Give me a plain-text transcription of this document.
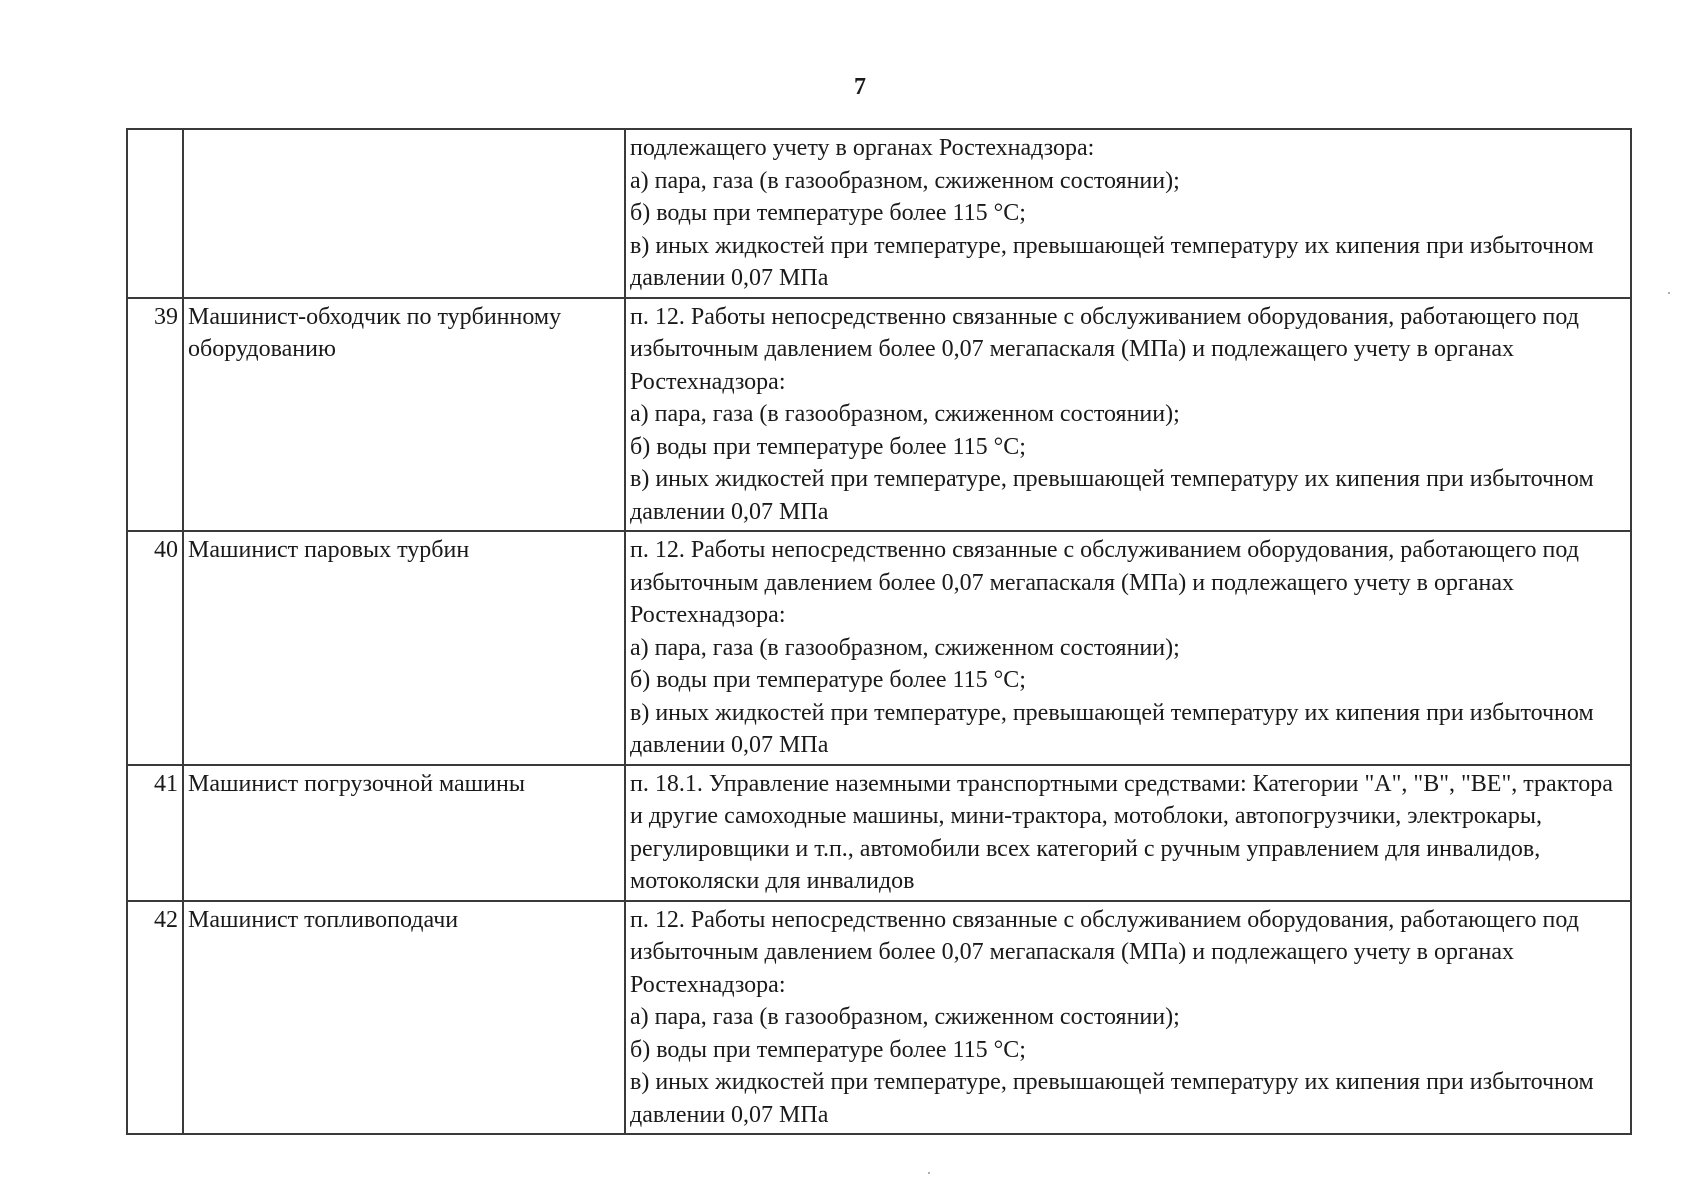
7
		подлежащего учету в органах Ростехнадзора:
а) пара, газа (в газообразном, сжиженном состоянии);
б) воды при температуре более 115 °С;
в) иных жидкостей при температуре, превышающей температуру их кипения при избыточном давлении 0,07 МПа
39	Машинист-обходчик по турбинному оборудованию	п. 12. Работы непосредственно связанные с обслуживанием оборудования, работающего под избыточным давлением более 0,07 мегапаскаля (МПа) и подлежащего учету в органах Ростехнадзора:
а) пара, газа (в газообразном, сжиженном состоянии);
б) воды при температуре более 115 °С;
в) иных жидкостей при температуре, превышающей температуру их кипения при избыточном давлении 0,07 МПа
40	Машинист паровых турбин	п. 12. Работы непосредственно связанные с обслуживанием оборудования, работающего под избыточным давлением более 0,07 мегапаскаля (МПа) и подлежащего учету в органах Ростехнадзора:
а) пара, газа (в газообразном, сжиженном состоянии);
б) воды при температуре более 115 °С;
в) иных жидкостей при температуре, превышающей температуру их кипения при избыточном давлении 0,07 МПа
41	Машинист погрузочной машины	п. 18.1. Управление наземными транспортными средствами: Категории "А", "В", "ВЕ", трактора и другие самоходные машины, мини-трактора, мотоблоки, автопогрузчики, электрокары, регулировщики и т.п., автомобили всех категорий с ручным управлением для инвалидов, мотоколяски для инвалидов
42	Машинист топливоподачи	п. 12. Работы непосредственно связанные с обслуживанием оборудования, работающего под избыточным давлением более 0,07 мегапаскаля (МПа) и подлежащего учету в органах Ростехнадзора:
а) пара, газа (в газообразном, сжиженном состоянии);
б) воды при температуре более 115 °С;
в) иных жидкостей при температуре, превышающей температуру их кипения при избыточном давлении 0,07 МПа
